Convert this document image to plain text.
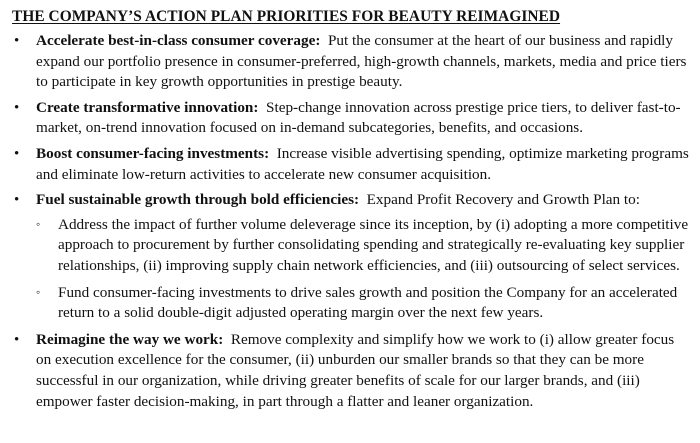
THE COMPANY’S ACTION PLAN PRIORITIES FOR BEAUTY REIMAGINED
• Accelerate best-in-class consumer coverage: Put the consumer at the heart of our business and rapidly expand our portfolio presence in consumer-preferred, high-growth channels, markets, media and price tiers to participate in key growth opportunities in prestige beauty.
• Create transformative innovation: Step-change innovation across prestige price tiers, to deliver fast-to-market, on-trend innovation focused on in-demand subcategories, benefits, and occasions.
• Boost consumer-facing investments: Increase visible advertising spending, optimize marketing programs and eliminate low-return activities to accelerate new consumer acquisition.
• Fuel sustainable growth through bold efficiencies: Expand Profit Recovery and Growth Plan to:
◦ Address the impact of further volume deleverage since its inception, by (i) adopting a more competitive approach to procurement by further consolidating spending and strategically re-evaluating key supplier relationships, (ii) improving supply chain network efficiencies, and (iii) outsourcing of select services.
◦ Fund consumer-facing investments to drive sales growth and position the Company for an accelerated return to a solid double-digit adjusted operating margin over the next few years.
• Reimagine the way we work: Remove complexity and simplify how we work to (i) allow greater focus on execution excellence for the consumer, (ii) unburden our smaller brands so that they can be more successful in our organization, while driving greater benefits of scale for our larger brands, and (iii) empower faster decision-making, in part through a flatter and leaner organization.
